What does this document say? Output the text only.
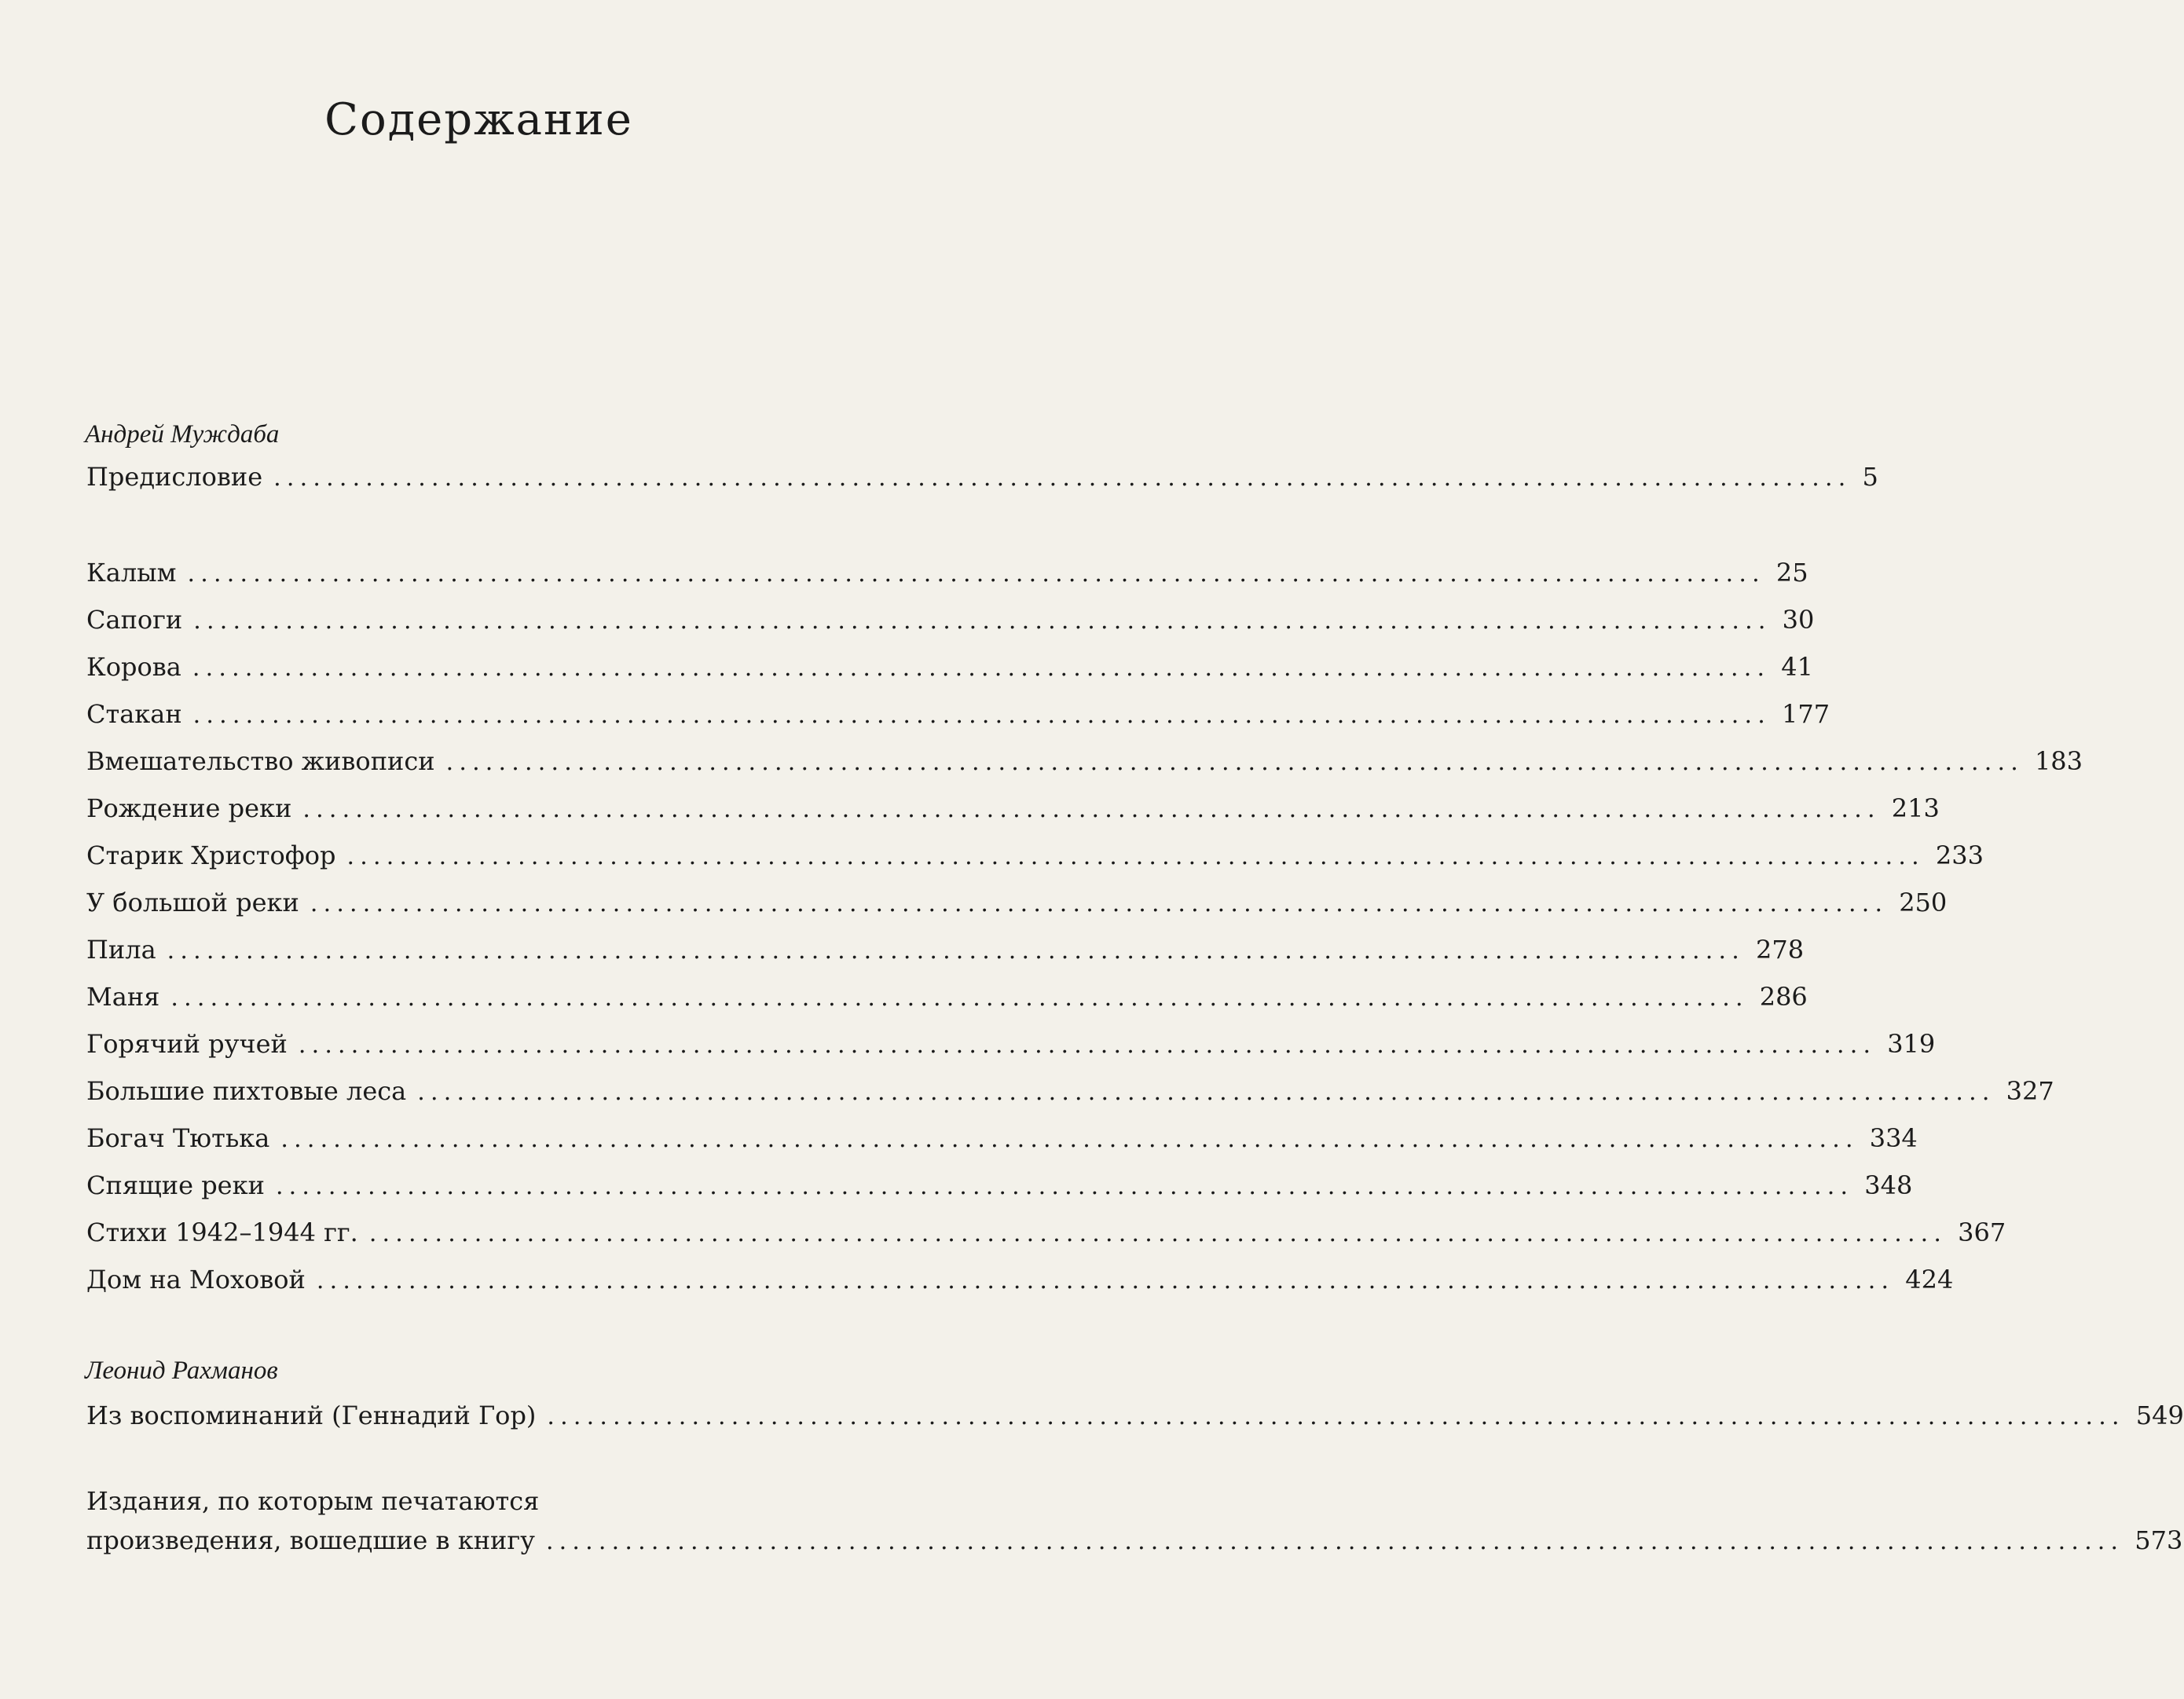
Содержание
Андрей Муждаба
Предисловие ........................................................................................................................ 5
Калым ........................................................................................................................ 25
Сапоги ........................................................................................................................ 30
Корова ........................................................................................................................ 41
Стакан ........................................................................................................................ 177
Вмешательство живописи ........................................................................................................................ 183
Рождение реки ........................................................................................................................ 213
Старик Христофор ........................................................................................................................ 233
У большой реки ........................................................................................................................ 250
Пила ........................................................................................................................ 278
Маня ........................................................................................................................ 286
Горячий ручей ........................................................................................................................ 319
Большие пихтовые леса ........................................................................................................................ 327
Богач Тютька ........................................................................................................................ 334
Спящие реки ........................................................................................................................ 348
Стихи 1942–1944 гг. ........................................................................................................................ 367
Дом на Моховой ........................................................................................................................ 424
Леонид Рахманов
Из воспоминаний (Геннадий Гор) ........................................................................................................................ 549
Издания, по которым печатаются
произведения, вошедшие в книгу ........................................................................................................................ 573
